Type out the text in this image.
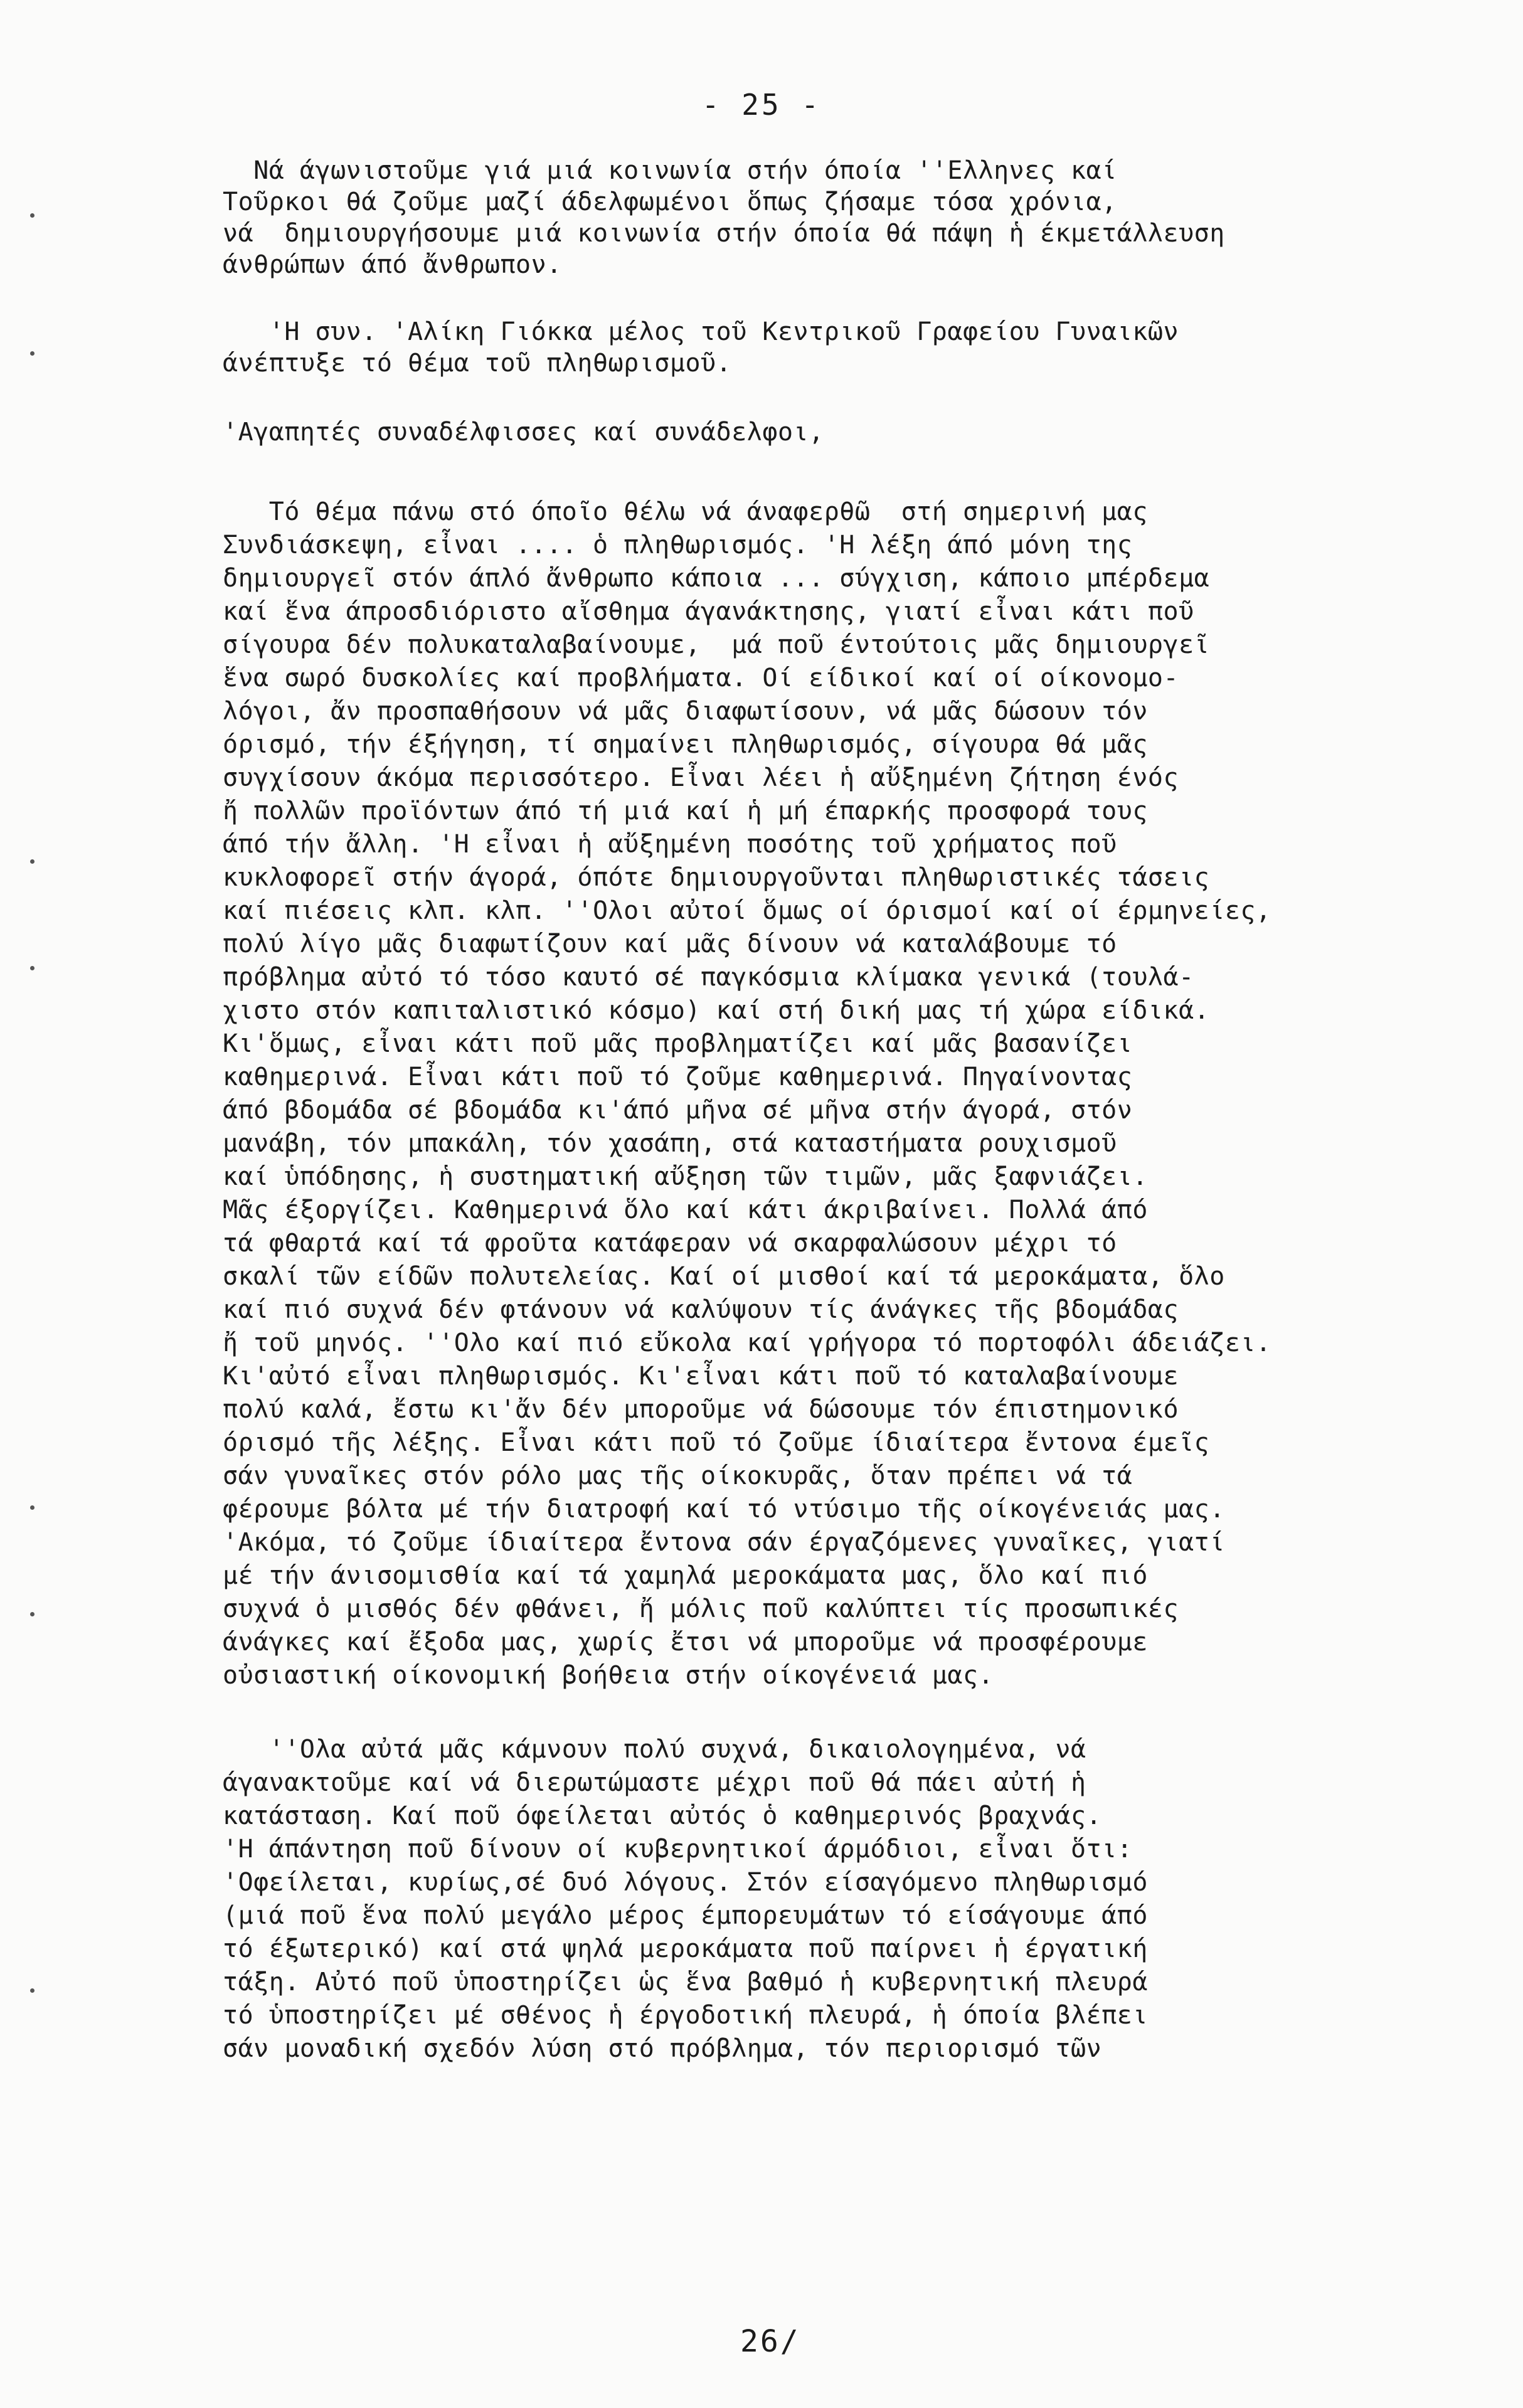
- 25 -
Νά άγωνιστοῦμε γιά μιά κοινωνία στήν όποία ''Ελληνες καί
Τοῦρκοι θά ζοῦμε μαζί άδελφωμένοι ὅπως ζήσαμε τόσα χρόνια,
νά  δημιουργήσουμε μιά κοινωνία στήν όποία θά πάψη ἡ έκμετάλλευση
άνθρώπων άπό ἄνθρωπον.
'Η συν. 'Αλίκη Γιόκκα μέλος τοῦ Κεντρικοῦ Γραφείου Γυναικῶν
άνέπτυξε τό θέμα τοῦ πληθωρισμοῦ.
'Αγαπητές συναδέλφισσες καί συνάδελφοι,
Τό θέμα πάνω στό όποῖο θέλω νά άναφερθῶ  στή σημερινή μας
Συνδιάσκεψη, εἶναι .... ὁ πληθωρισμός. 'Η λέξη άπό μόνη της
δημιουργεῖ στόν άπλό ἄνθρωπο κάποια ... σύγχιση, κάποιο μπέρδεμα
καί ἕνα άπροσδιόριστο αἴσθημα άγανάκτησης, γιατί εἶναι κάτι ποῦ
σίγουρα δέν πολυκαταλαβαίνουμε,  μά ποῦ έντούτοις μᾶς δημιουργεῖ
ἕνα σωρό δυσκολίες καί προβλήματα. Οί είδικοί καί οί οίκονομο-
λόγοι, ἄν προσπαθήσουν νά μᾶς διαφωτίσουν, νά μᾶς δώσουν τόν
όρισμό, τήν έξήγηση, τί σημαίνει πληθωρισμός, σίγουρα θά μᾶς
συγχίσουν άκόμα περισσότερο. Εἶναι λέει ἡ αὔξημένη ζήτηση ένός
ἤ πολλῶν προϊόντων άπό τή μιά καί ἡ μή έπαρκής προσφορά τους
άπό τήν ἄλλη. 'Η εἶναι ἡ αὔξημένη ποσότης τοῦ χρήματος ποῦ
κυκλοφορεῖ στήν άγορά, όπότε δημιουργοῦνται πληθωριστικές τάσεις
καί πιέσεις κλπ. κλπ. ''Ολοι αὐτοί ὅμως οί όρισμοί καί οί έρμηνείες,
πολύ λίγο μᾶς διαφωτίζουν καί μᾶς δίνουν νά καταλάβουμε τό
πρόβλημα αὐτό τό τόσο καυτό σέ παγκόσμια κλίμακα γενικά (τουλά-
χιστο στόν καπιταλιστικό κόσμο) καί στή δική μας τή χώρα είδικά.
Κι'ὅμως, εἶναι κάτι ποῦ μᾶς προβληματίζει καί μᾶς βασανίζει
καθημερινά. Εἶναι κάτι ποῦ τό ζοῦμε καθημερινά. Πηγαίνοντας
άπό βδομάδα σέ βδομάδα κι'άπό μῆνα σέ μῆνα στήν άγορά, στόν
μανάβη, τόν μπακάλη, τόν χασάπη, στά καταστήματα ρουχισμοῦ
καί ὑπόδησης, ἡ συστηματική αὔξηση τῶν τιμῶν, μᾶς ξαφνιάζει.
Μᾶς έξοργίζει. Καθημερινά ὅλο καί κάτι άκριβαίνει. Πολλά άπό
τά φθαρτά καί τά φροῦτα κατάφεραν νά σκαρφαλώσουν μέχρι τό
σκαλί τῶν είδῶν πολυτελείας. Καί οί μισθοί καί τά μεροκάματα, ὅλο
καί πιό συχνά δέν φτάνουν νά καλύψουν τίς άνάγκες τῆς βδομάδας
ἤ τοῦ μηνός. ''Ολο καί πιό εὔκολα καί γρήγορα τό πορτοφόλι άδειάζει.
Κι'αὐτό εἶναι πληθωρισμός. Κι'εἶναι κάτι ποῦ τό καταλαβαίνουμε
πολύ καλά, ἔστω κι'ἄν δέν μποροῦμε νά δώσουμε τόν έπιστημονικό
όρισμό τῆς λέξης. Εἶναι κάτι ποῦ τό ζοῦμε ίδιαίτερα ἔντονα έμεῖς
σάν γυναῖκες στόν ρόλο μας τῆς οίκοκυρᾶς, ὅταν πρέπει νά τά
φέρουμε βόλτα μέ τήν διατροφή καί τό ντύσιμο τῆς οίκογένειάς μας.
'Ακόμα, τό ζοῦμε ίδιαίτερα ἔντονα σάν έργαζόμενες γυναῖκες, γιατί
μέ τήν άνισομισθία καί τά χαμηλά μεροκάματα μας, ὅλο καί πιό
συχνά ὁ μισθός δέν φθάνει, ἤ μόλις ποῦ καλύπτει τίς προσωπικές
άνάγκες καί ἔξοδα μας, χωρίς ἔτσι νά μποροῦμε νά προσφέρουμε
οὐσιαστική οίκονομική βοήθεια στήν οίκογένειά μας.
''Ολα αὐτά μᾶς κάμνουν πολύ συχνά, δικαιολογημένα, νά
άγανακτοῦμε καί νά διερωτώμαστε μέχρι ποῦ θά πάει αὐτή ἡ
κατάσταση. Καί ποῦ όφείλεται αὐτός ὁ καθημερινός βραχνάς.
'Η άπάντηση ποῦ δίνουν οί κυβερνητικοί άρμόδιοι, εἶναι ὅτι:
'Οφείλεται, κυρίως,σέ δυό λόγους. Στόν είσαγόμενο πληθωρισμό
(μιά ποῦ ἕνα πολύ μεγάλο μέρος έμπορευμάτων τό είσάγουμε άπό
τό έξωτερικό) καί στά ψηλά μεροκάματα ποῦ παίρνει ἡ έργατική
τάξη. Αὐτό ποῦ ὑποστηρίζει ὡς ἕνα βαθμό ἡ κυβερνητική πλευρά
τό ὑποστηρίζει μέ σθένος ἡ έργοδοτική πλευρά, ἡ όποία βλέπει
σάν μοναδική σχεδόν λύση στό πρόβλημα, τόν περιορισμό τῶν
26/
